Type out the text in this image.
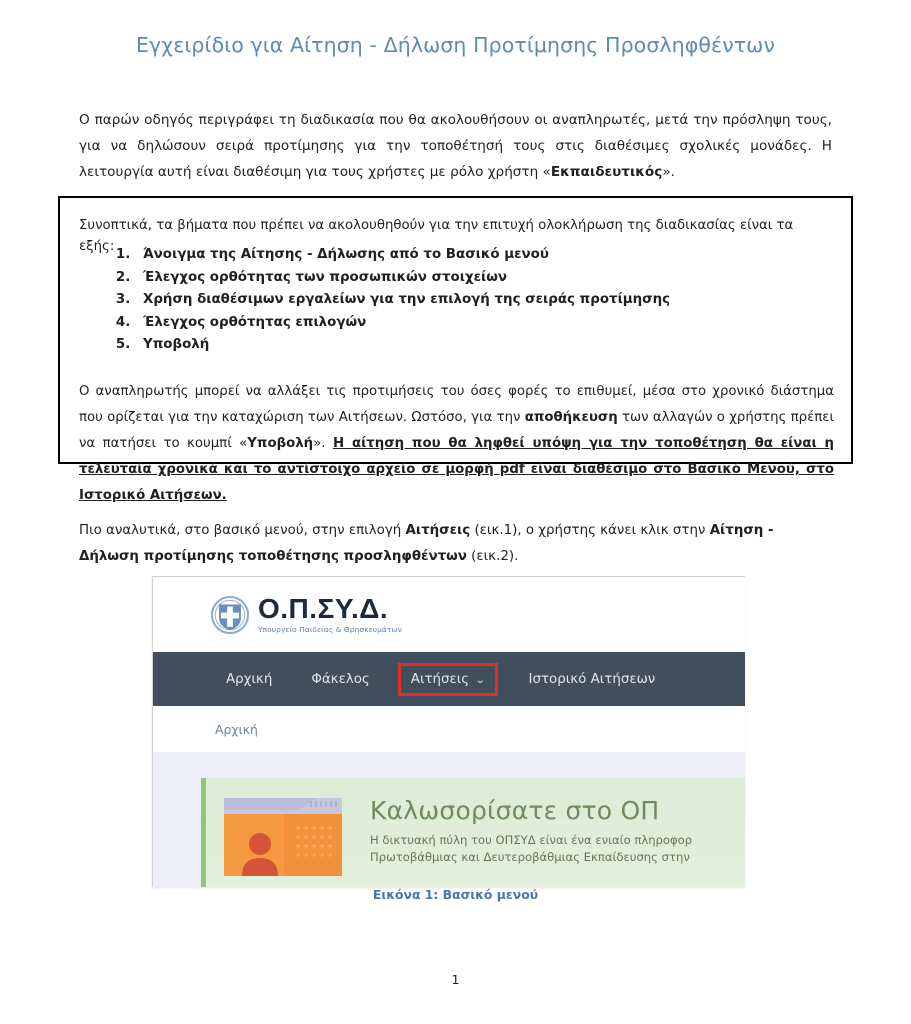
Εγχειρίδιο για Αίτηση - Δήλωση Προτίμησης Προσληφθέντων

Ο παρών οδηγός περιγράφει τη διαδικασία που θα ακολουθήσουν οι αναπληρωτές, μετά την πρόσληψη τους, για να δηλώσουν σειρά προτίμησης για την τοποθέτησή τους στις διαθέσιμες σχολικές μονάδες. Η λειτουργία αυτή είναι διαθέσιμη για τους χρήστες με ρόλο χρήστη «Εκπαιδευτικός».

Συνοπτικά, τα βήματα που πρέπει να ακολουθηθούν για την επιτυχή ολοκλήρωση της διαδικασίας είναι τα εξής:
1. Άνοιγμα της Αίτησης - Δήλωσης από το Βασικό μενού
2. Έλεγχος ορθότητας των προσωπικών στοιχείων
3. Χρήση διαθέσιμων εργαλείων για την επιλογή της σειράς προτίμησης
4. Έλεγχος ορθότητας επιλογών
5. Υποβολή

Ο αναπληρωτής μπορεί να αλλάξει τις προτιμήσεις του όσες φορές το επιθυμεί, μέσα στο χρονικό διάστημα που ορίζεται για την καταχώριση των Αιτήσεων. Ωστόσο, για την αποθήκευση των αλλαγών ο χρήστης πρέπει να πατήσει το κουμπί «Υποβολή». Η αίτηση που θα ληφθεί υπόψη για την τοποθέτηση θα είναι η τελευταία χρονικά και το αντίστοιχο αρχείο σε μορφή pdf είναι διαθέσιμο στο Βασικό Μενού, στο Ιστορικό Αιτήσεων.

Πιο αναλυτικά, στο βασικό μενού, στην επιλογή Αιτήσεις (εικ.1), ο χρήστης κάνει κλικ στην Αίτηση - Δήλωση προτίμησης τοποθέτησης προσληφθέντων (εικ.2).

Ο.Π.ΣΥ.Δ.
Υπουργείο Παιδείας & Θρησκευμάτων
Αρχική	Φάκελος	Αιτήσεις ⌄	Ιστορικό Αιτήσεων
Αρχική
Καλωσορίσατε στο ΟΠ
Η δικτυακή πύλη του ΟΠΣΥΔ είναι ένα ενιαίο πληροφορ
Πρωτοβάθμιας και Δευτεροβάθμιας Εκπαίδευσης στην
Εικόνα 1: Βασικό μενού
1
